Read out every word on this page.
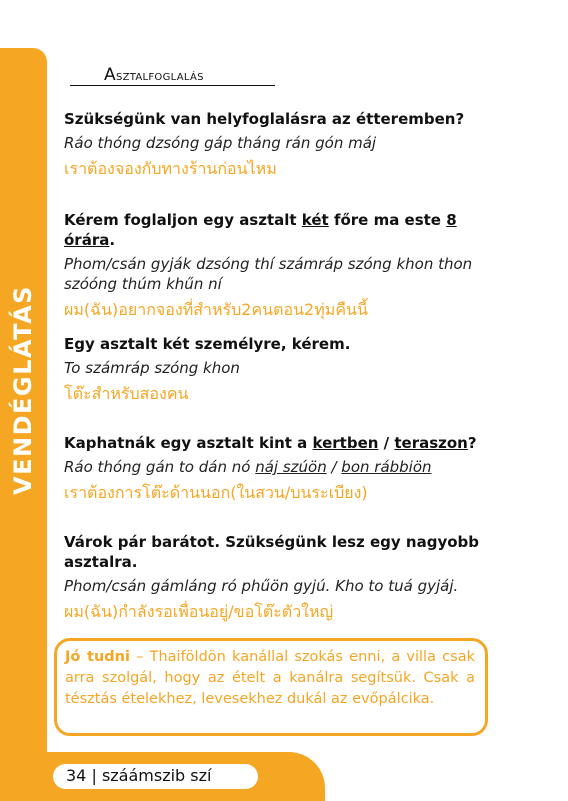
VENDÉGLÁTÁS
Asztalfoglalás
Szükségünk van helyfoglalásra az étteremben?
Ráo thóng dzsóng gáp tháng rán gón máj
เราต้องจองกับทางร้านก่อนไหม
Kérem foglaljon egy asztalt két főre ma este 8 órára.
Phom/csán gyják dzsóng thí számráp szóng khon thon szóóng thúm khűn ní
ผม(ฉัน)อยากจองที่สำหรับ2คนตอน2ทุ่มคืนนี้
Egy asztalt két személyre, kérem.
To számráp szóng khon
โต๊ะสำหรับสองคน
Kaphatnák egy asztalt kint a kertben / teraszon?
Ráo thóng gán to dán nó náj szúön / bon rábbiön
เราต้องการโต๊ะด้านนอก(ในสวน/บนระเบียง)
Várok pár barátot. Szükségünk lesz egy nagyobb asztalra.
Phom/csán gámláng ró phűön gyjú. Kho to tuá gyjáj.
ผม(ฉัน)กำลังรอเพื่อนอยู่/ขอโต๊ะตัวใหญ่
Jó tudni – Thaiföldön kanállal szokás enni, a villa csak arra szolgál, hogy az ételt a kanálra segítsük. Csak a tésztás ételekhez, levesekhez dukál az evőpálcika.
34 | száámszib szí
